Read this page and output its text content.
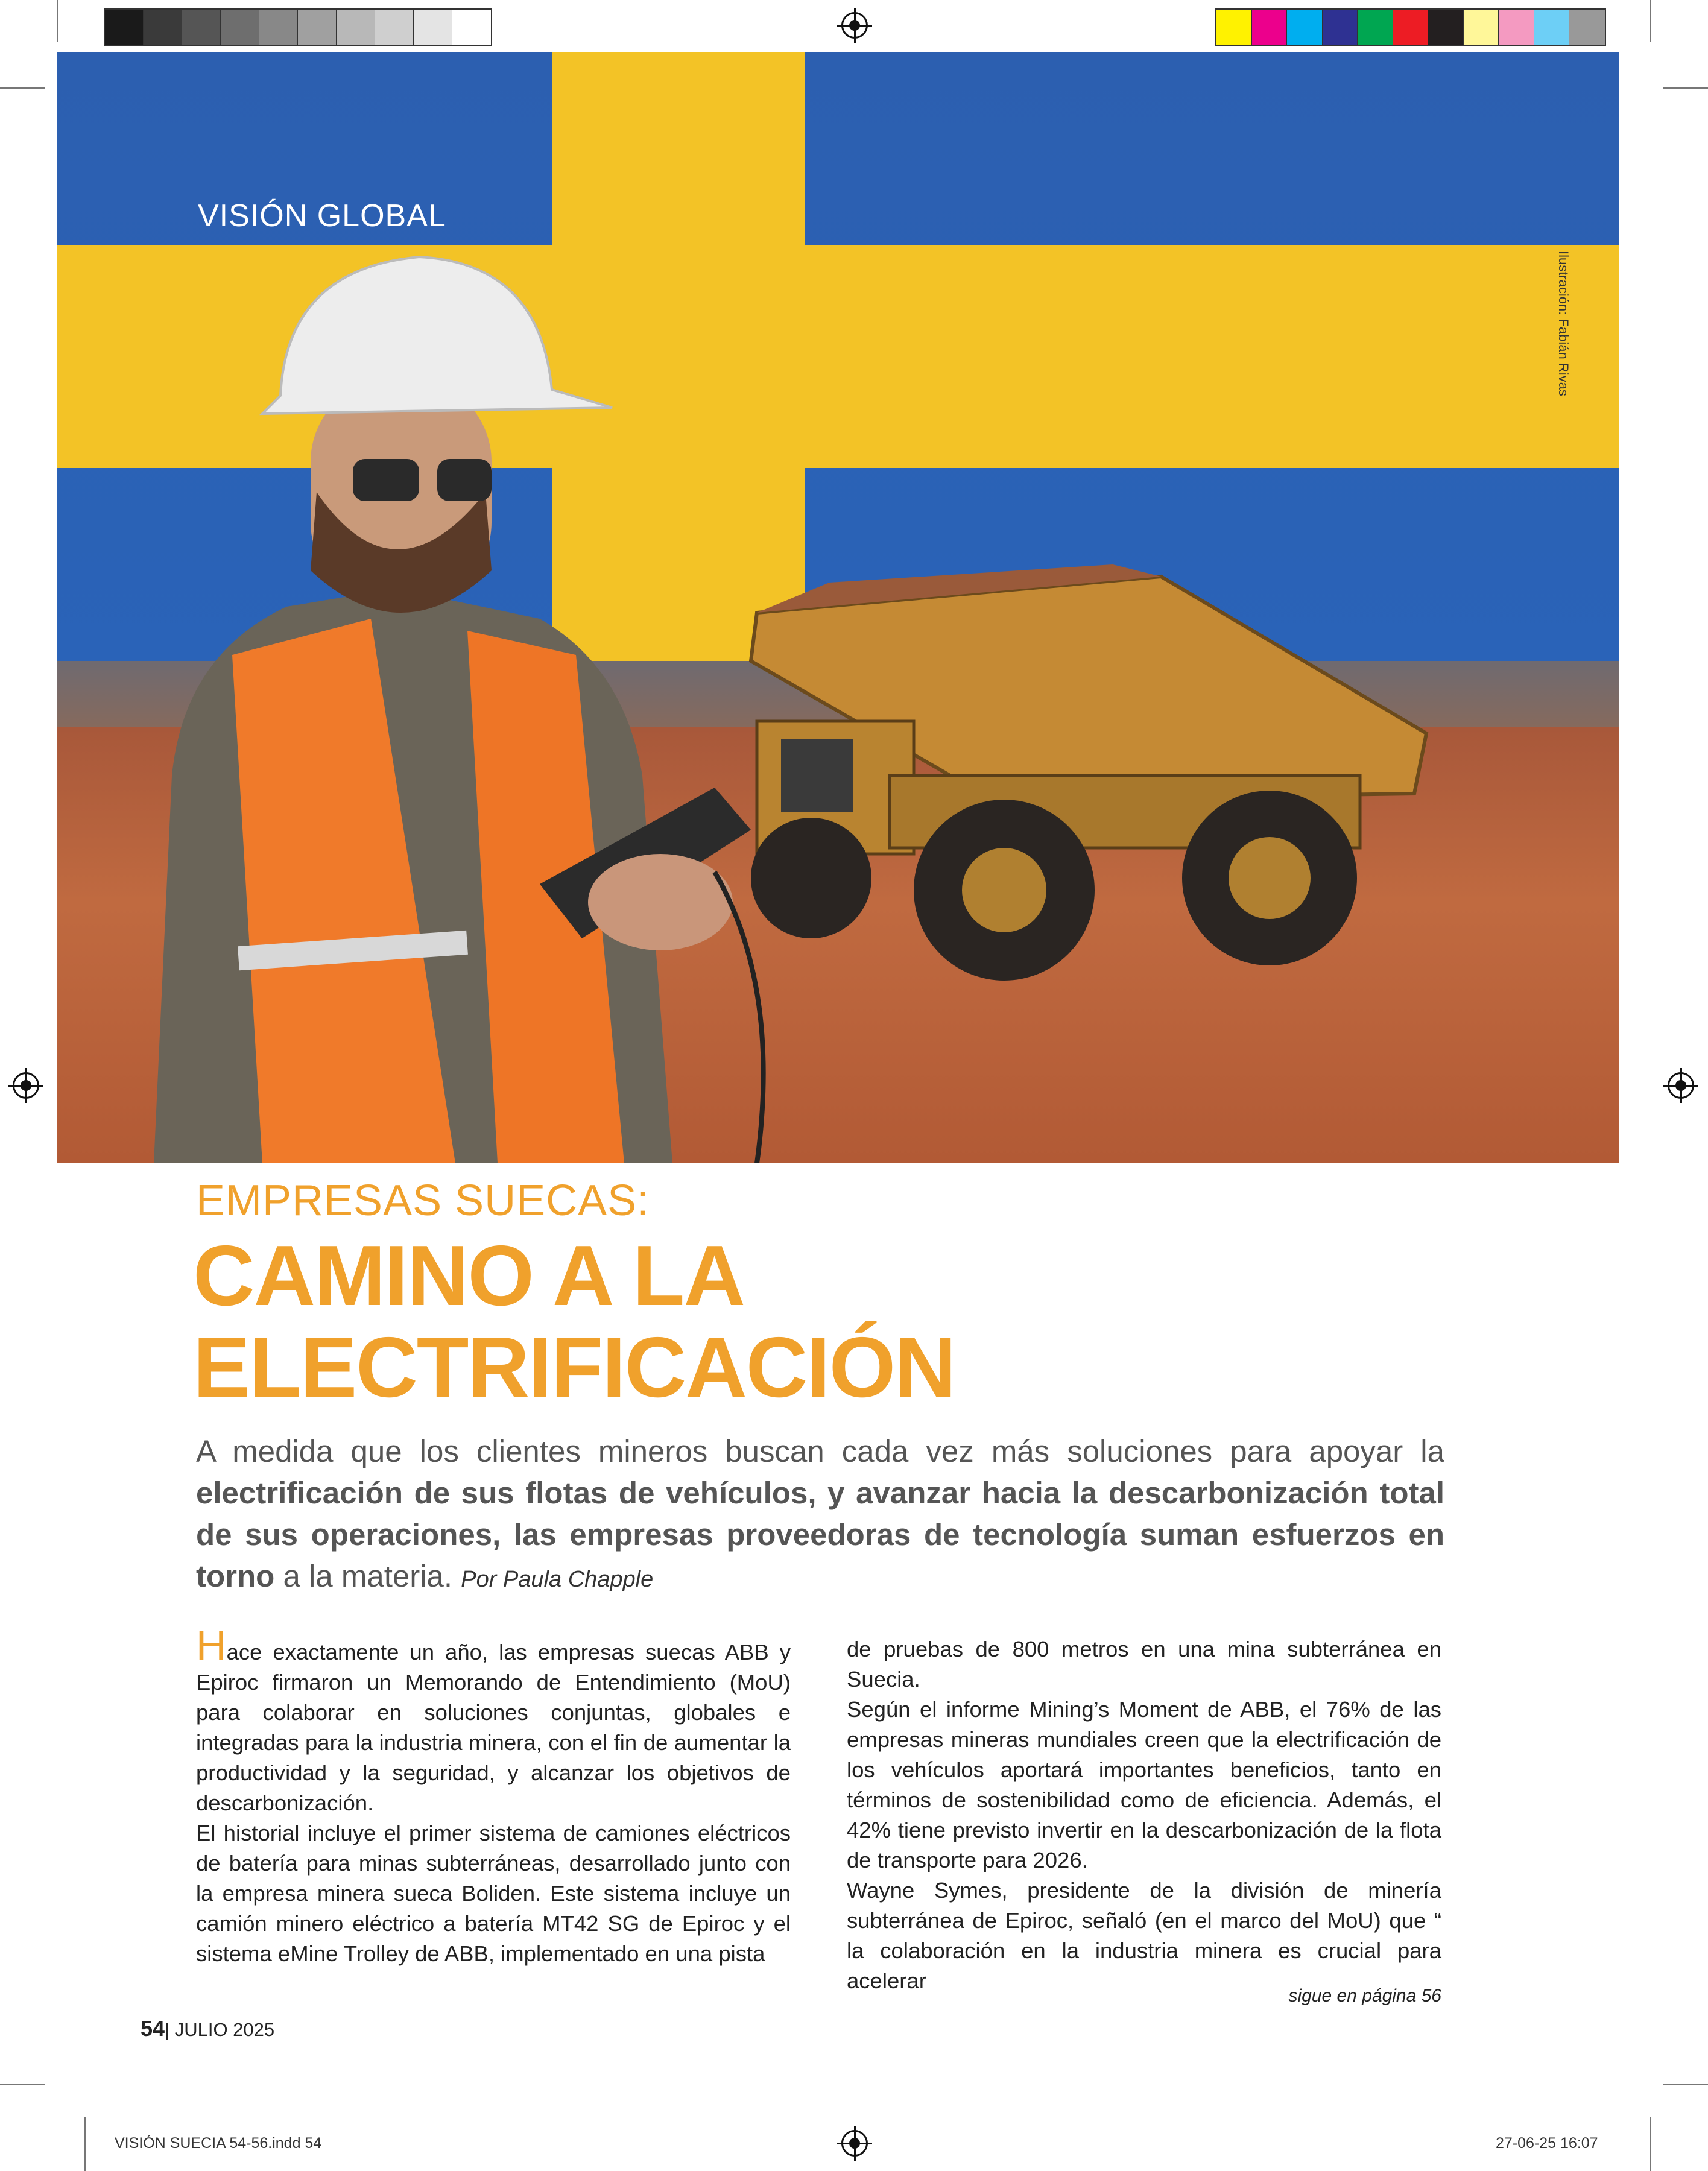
VISIÓN GLOBAL
Ilustración: Fabián Rivas
EMPRESAS SUECAS:
CAMINO A LA
ELECTRIFICACIÓN
A medida que los clientes mineros buscan cada vez más soluciones para apoyar la electrificación de sus flotas de vehículos, y avanzar hacia la descarbonización total de sus operaciones, las empresas proveedoras de tecnología suman esfuerzos en torno a la materia. Por Paula Chapple

Hace exactamente un año, las empresas suecas ABB y Epiroc firmaron un Memorando de Entendimiento (MoU) para colaborar en soluciones conjuntas, globales e integradas para la industria minera, con el fin de aumentar la productividad y la seguridad, y alcanzar los objetivos de descarbonización.

El historial incluye el primer sistema de camiones eléctricos de batería para minas subterráneas, desarrollado junto con la empresa minera sueca Boliden. Este sistema incluye un camión minero eléctrico a batería MT42 SG de Epiroc y el sistema eMine Trolley de ABB, implementado en una pista

de pruebas de 800 metros en una mina subterránea en Suecia.

Según el informe Mining’s Moment de ABB, el 76% de las empresas mineras mundiales creen que la electrificación de los vehículos aportará importantes beneficios, tanto en términos de sostenibilidad como de eficiencia. Además, el 42% tiene previsto invertir en la descarbonización de la flota de transporte para 2026.

Wayne Symes, presidente de la división de minería subterránea de Epiroc, señaló (en el marco del MoU) que “ la colaboración en la industria minera es crucial para acelerar

sigue en página 56
54| JULIO 2025
VISIÓN SUECIA 54-56.indd 54	27-06-25 16:07
